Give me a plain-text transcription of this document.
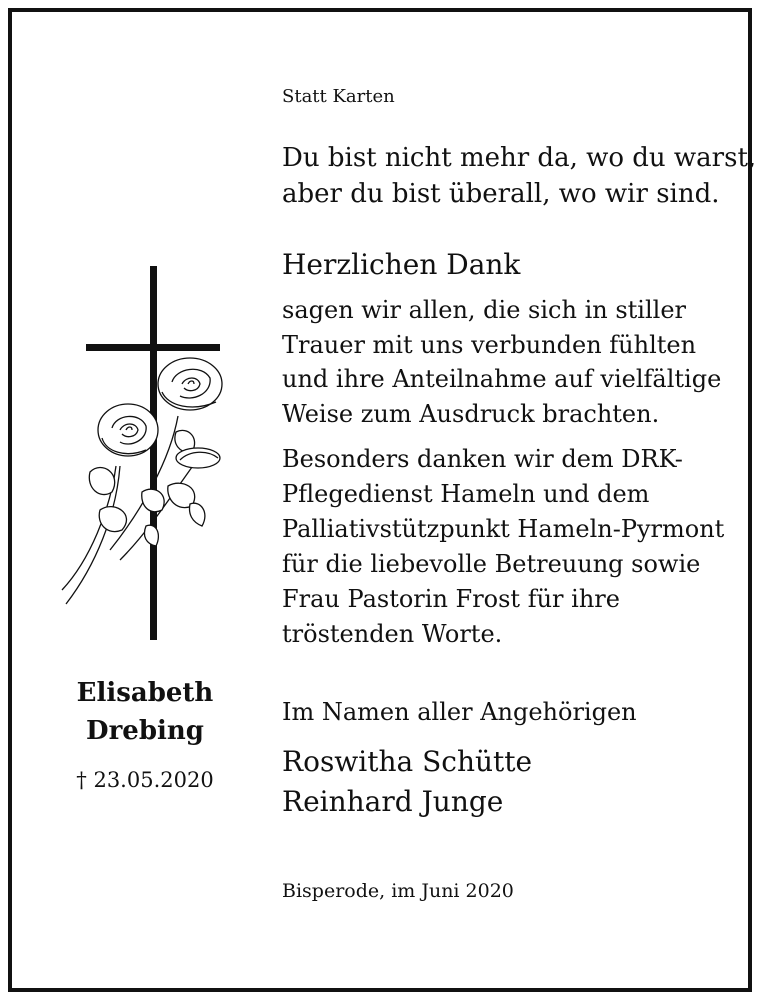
Statt Karten

Du bist nicht mehr da, wo du warst,
aber du bist überall, wo wir sind.

Herzlichen Dank

sagen wir allen, die sich in stiller
Trauer mit uns verbunden fühlten
und ihre Anteilnahme auf vielfältige
Weise zum Ausdruck brachten.
Besonders danken wir dem DRK-
Pflegedienst Hameln und dem
Palliativstützpunkt Hameln-Pyrmont
für die liebevolle Betreuung sowie
Frau Pastorin Frost für ihre
tröstenden Worte.

Im Namen aller Angehörigen

Roswitha Schütte
Reinhard Junge

Bisperode, im Juni 2020

Elisabeth
Drebing

† 23.05.2020
